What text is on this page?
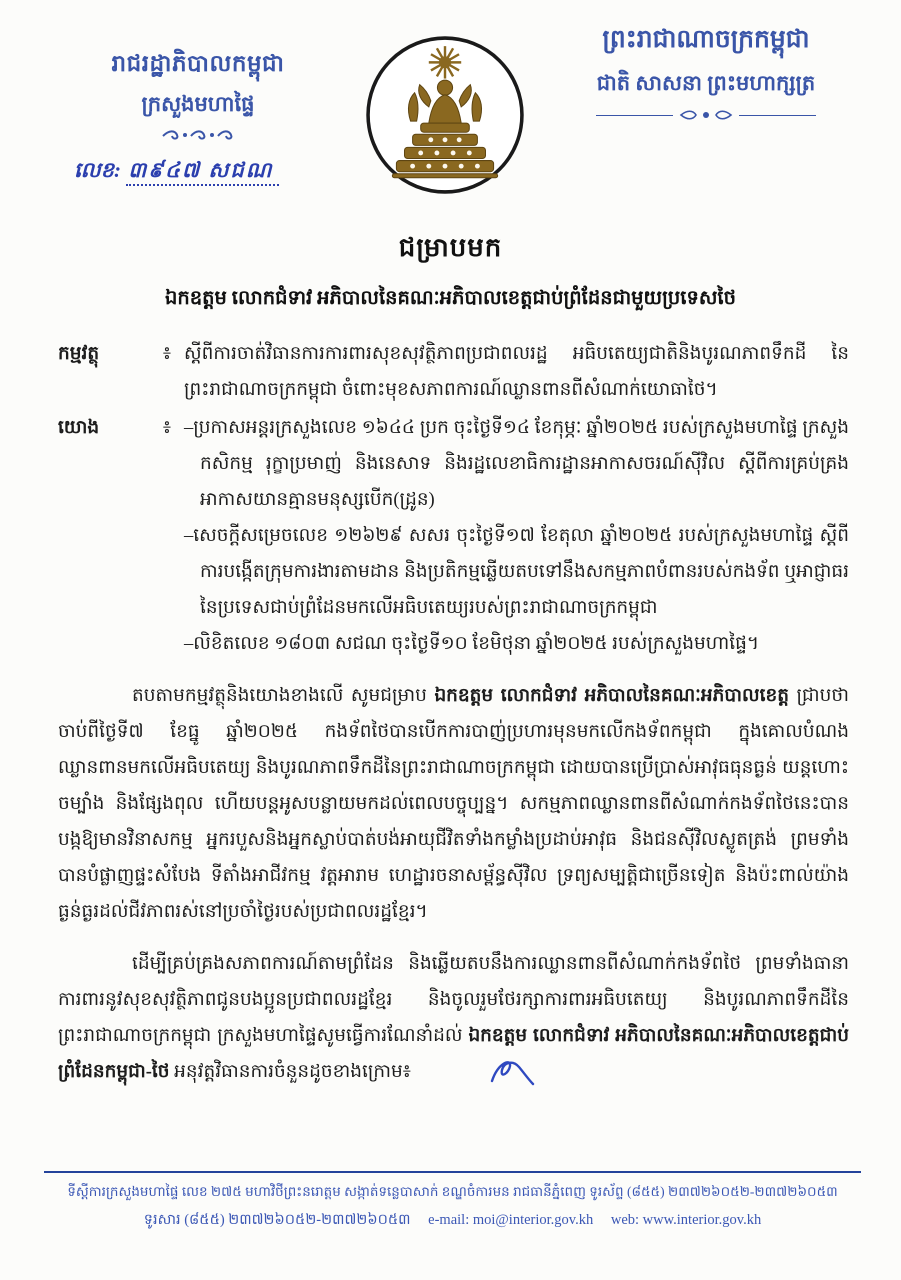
រាជរដ្ឋាភិបាលកម្ពុជា
ក្រសួងមហាផ្ទៃ
លេខ: ៣៩៤៧ សជណ
ព្រះរាជាណាចក្រកម្ពុជា
ជាតិ សាសនា ព្រះមហាក្សត្រ
ជម្រាបមក
ឯកឧត្តម លោកជំទាវ អភិបាលនៃគណៈអភិបាលខេត្តជាប់ព្រំដែនជាមួយប្រទេសថៃ
កម្មវត្ថុ	៖ ស្តីពីការចាត់វិធានការការពារសុខសុវត្ថិភាពប្រជាពលរដ្ឋ អធិបតេយ្យជាតិនិងបូរណភាពទឹកដី នៃព្រះរាជាណាចក្រកម្ពុជា ចំពោះមុខសភាពការណ៍ឈ្លានពានពីសំណាក់យោធាថៃ។
យោង	៖ –ប្រកាសអន្តរក្រសួងលេខ ១៦៤៤ ប្រក ចុះថ្ងៃទី១៤ ខែកុម្ភៈ ឆ្នាំ២០២៥ របស់ក្រសួងមហាផ្ទៃ ក្រសួងកសិកម្ម រុក្ខាប្រមាញ់ និងនេសាទ និងរដ្ឋលេខាធិការដ្ឋានអាកាសចរណ៍ស៊ីវិល ស្តីពីការគ្រប់គ្រងអាកាសយានគ្មានមនុស្សបើក(ដ្រូន)
–សេចក្តីសម្រេចលេខ ១២៦២៩ សសរ ចុះថ្ងៃទី១៧ ខែតុលា ឆ្នាំ២០២៥ របស់ក្រសួងមហាផ្ទៃ ស្តីពីការបង្កើតក្រុមការងារតាមដាន និងប្រតិកម្មឆ្លើយតបទៅនឹងសកម្មភាពបំពានរបស់កងទ័ព ឬអាជ្ញាធរនៃប្រទេសជាប់ព្រំដែនមកលើអធិបតេយ្យរបស់ព្រះរាជាណាចក្រកម្ពុជា
–លិខិតលេខ ១៨០៣ សជណ ចុះថ្ងៃទី១០ ខែមិថុនា ឆ្នាំ២០២៥ របស់ក្រសួងមហាផ្ទៃ។
តបតាមកម្មវត្ថុនិងយោងខាងលើ សូមជម្រាប ឯកឧត្តម លោកជំទាវ អភិបាលនៃគណៈអភិបាលខេត្ត ជ្រាបថា ចាប់ពីថ្ងៃទី៧ ខែធ្នូ ឆ្នាំ២០២៥ កងទ័ពថៃបានបើកការបាញ់ប្រហារមុនមកលើកងទ័ពកម្ពុជា ក្នុងគោលបំណងឈ្លានពានមកលើអធិបតេយ្យ និងបូរណភាពទឹកដីនៃព្រះរាជាណាចក្រកម្ពុជា ដោយបានប្រើប្រាស់អាវុធធុនធ្ងន់ យន្តហោះចម្បាំង និងផ្សែងពុល ហើយបន្តអូសបន្លាយមកដល់ពេលបច្ចុប្បន្ន។ សកម្មភាពឈ្លានពានពីសំណាក់កងទ័ពថៃនេះបានបង្កឱ្យមានវិនាសកម្ម អ្នករបួសនិងអ្នកស្លាប់បាត់បង់អាយុជីវិតទាំងកម្លាំងប្រដាប់អាវុធ និងជនស៊ីវិលស្លូតត្រង់ ព្រមទាំងបានបំផ្លាញផ្ទះសំបែង ទីតាំងអាជីវកម្ម វត្តអារាម ហេដ្ឋារចនាសម្ព័ន្ធស៊ីវិល ទ្រព្យសម្បត្តិជាច្រើនទៀត និងប៉ះពាល់យ៉ាងធ្ងន់ធ្ងរដល់ជីវភាពរស់នៅប្រចាំថ្ងៃរបស់ប្រជាពលរដ្ឋខ្មែរ។
ដើម្បីគ្រប់គ្រងសភាពការណ៍តាមព្រំដែន និងឆ្លើយតបនឹងការឈ្លានពានពីសំណាក់កងទ័ពថៃ ព្រមទាំងធានាការពារនូវសុខសុវត្ថិភាពជូនបងប្អូនប្រជាពលរដ្ឋខ្មែរ និងចូលរួមថែរក្សាការពារអធិបតេយ្យ និងបូរណភាពទឹកដីនៃព្រះរាជាណាចក្រកម្ពុជា ក្រសួងមហាផ្ទៃសូមធ្វើការណែនាំដល់ ឯកឧត្តម លោកជំទាវ អភិបាលនៃគណៈអភិបាលខេត្តជាប់ព្រំដែនកម្ពុជា-ថៃ អនុវត្តវិធានការចំនួនដូចខាងក្រោម៖
ទីស្តីការក្រសួងមហាផ្ទៃ លេខ ២៧៥ មហាវិថីព្រះនរោត្តម សង្កាត់ទន្លេបាសាក់ ខណ្ឌចំការមន រាជធានីភ្នំពេញ ទូរស័ព្ទ (៨៥៥) ២៣៧២៦០៥២-២៣៧២៦០៥៣
ទូរសារ (៨៥៥) ២៣៧២៦០៥២-២៣៧២៦០៥៣ e-mail: moi@interior.gov.kh web: www.interior.gov.kh
